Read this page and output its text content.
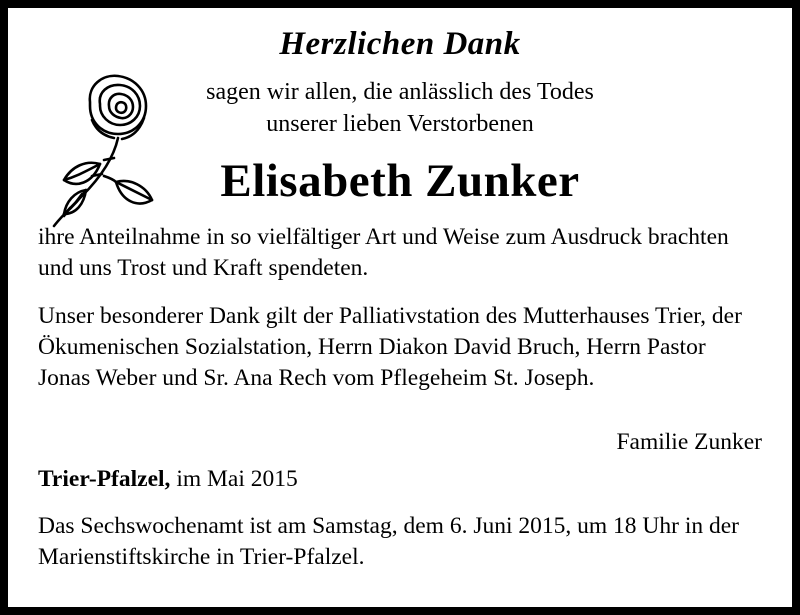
Herzlichen Dank
sagen wir allen, die anlässlich des Todes
unserer lieben Verstorbenen
Elisabeth Zunker
ihre Anteilnahme in so vielfältiger Art und Weise zum Ausdruck brachten und uns Trost und Kraft spendeten.
Unser besonderer Dank gilt der Palliativstation des Mutterhauses Trier, der Ökumenischen Sozialstation, Herrn Diakon David Bruch, Herrn Pastor Jonas Weber und Sr. Ana Rech vom Pflegeheim St. Joseph.
Familie Zunker
Trier-Pfalzel, im Mai 2015
Das Sechswochenamt ist am Samstag, dem 6. Juni 2015, um 18 Uhr in der Marienstiftskirche in Trier-Pfalzel.
